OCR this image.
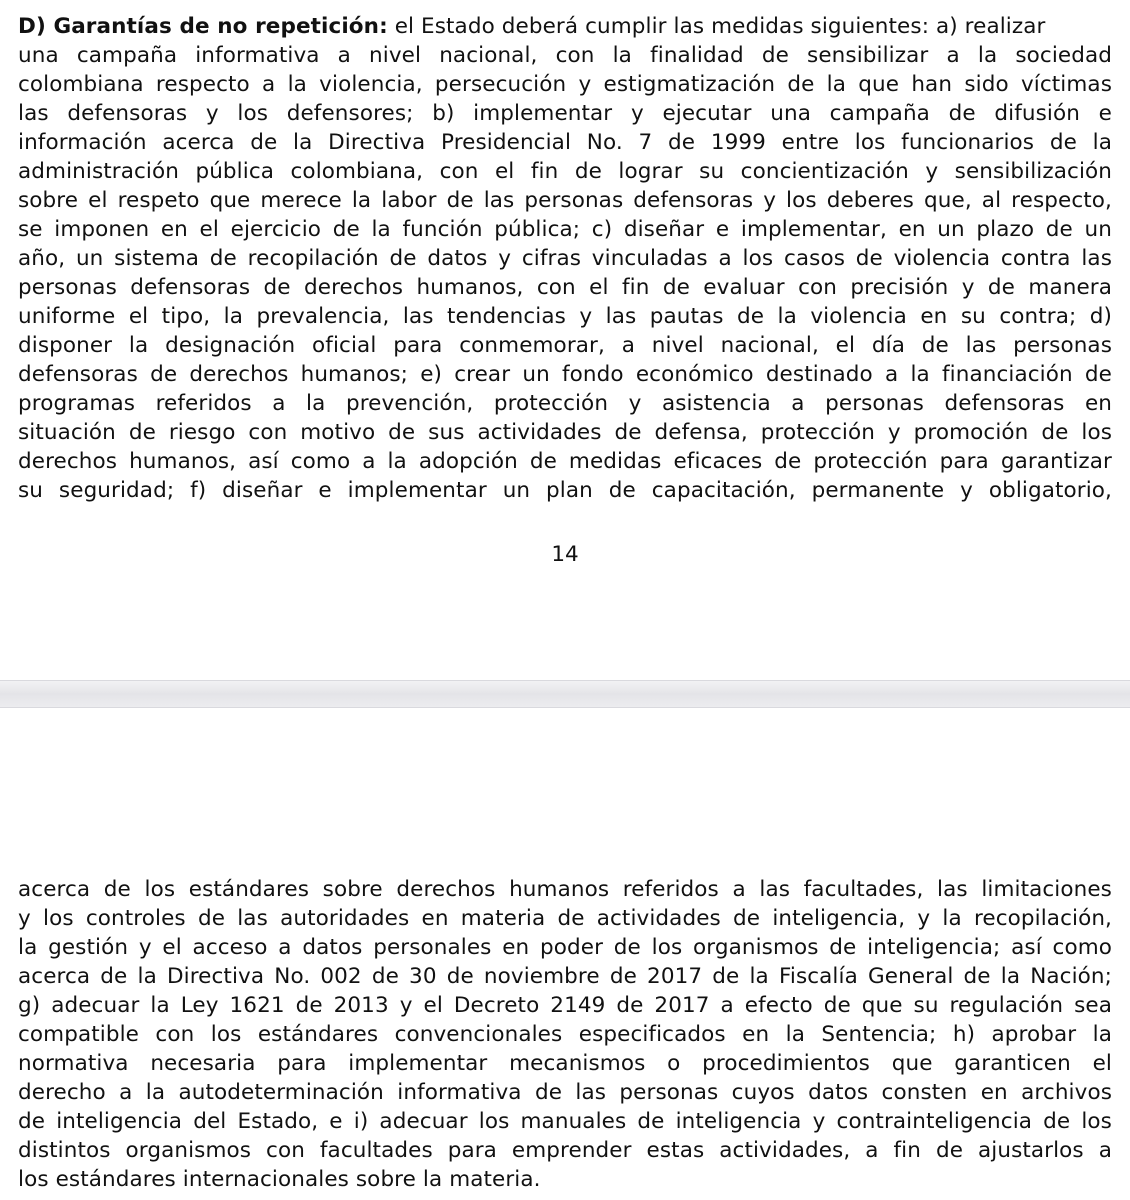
D) Garantías de no repetición: el Estado deberá cumplir las medidas siguientes: a) realizar
una campaña informativa a nivel nacional, con la finalidad de sensibilizar a la sociedad
colombiana respecto a la violencia, persecución y estigmatización de la que han sido víctimas
las defensoras y los defensores; b) implementar y ejecutar una campaña de difusión e
información acerca de la Directiva Presidencial No. 7 de 1999 entre los funcionarios de la
administración pública colombiana, con el fin de lograr su concientización y sensibilización
sobre el respeto que merece la labor de las personas defensoras y los deberes que, al respecto,
se imponen en el ejercicio de la función pública; c) diseñar e implementar, en un plazo de un
año, un sistema de recopilación de datos y cifras vinculadas a los casos de violencia contra las
personas defensoras de derechos humanos, con el fin de evaluar con precisión y de manera
uniforme el tipo, la prevalencia, las tendencias y las pautas de la violencia en su contra; d)
disponer la designación oficial para conmemorar, a nivel nacional, el día de las personas
defensoras de derechos humanos; e) crear un fondo económico destinado a la financiación de
programas referidos a la prevención, protección y asistencia a personas defensoras en
situación de riesgo con motivo de sus actividades de defensa, protección y promoción de los
derechos humanos, así como a la adopción de medidas eficaces de protección para garantizar
su seguridad; f) diseñar e implementar un plan de capacitación, permanente y obligatorio,
14
acerca de los estándares sobre derechos humanos referidos a las facultades, las limitaciones
y los controles de las autoridades en materia de actividades de inteligencia, y la recopilación,
la gestión y el acceso a datos personales en poder de los organismos de inteligencia; así como
acerca de la Directiva No. 002 de 30 de noviembre de 2017 de la Fiscalía General de la Nación;
g) adecuar la Ley 1621 de 2013 y el Decreto 2149 de 2017 a efecto de que su regulación sea
compatible con los estándares convencionales especificados en la Sentencia; h) aprobar la
normativa necesaria para implementar mecanismos o procedimientos que garanticen el
derecho a la autodeterminación informativa de las personas cuyos datos consten en archivos
de inteligencia del Estado, e i) adecuar los manuales de inteligencia y contrainteligencia de los
distintos organismos con facultades para emprender estas actividades, a fin de ajustarlos a
los estándares internacionales sobre la materia.
